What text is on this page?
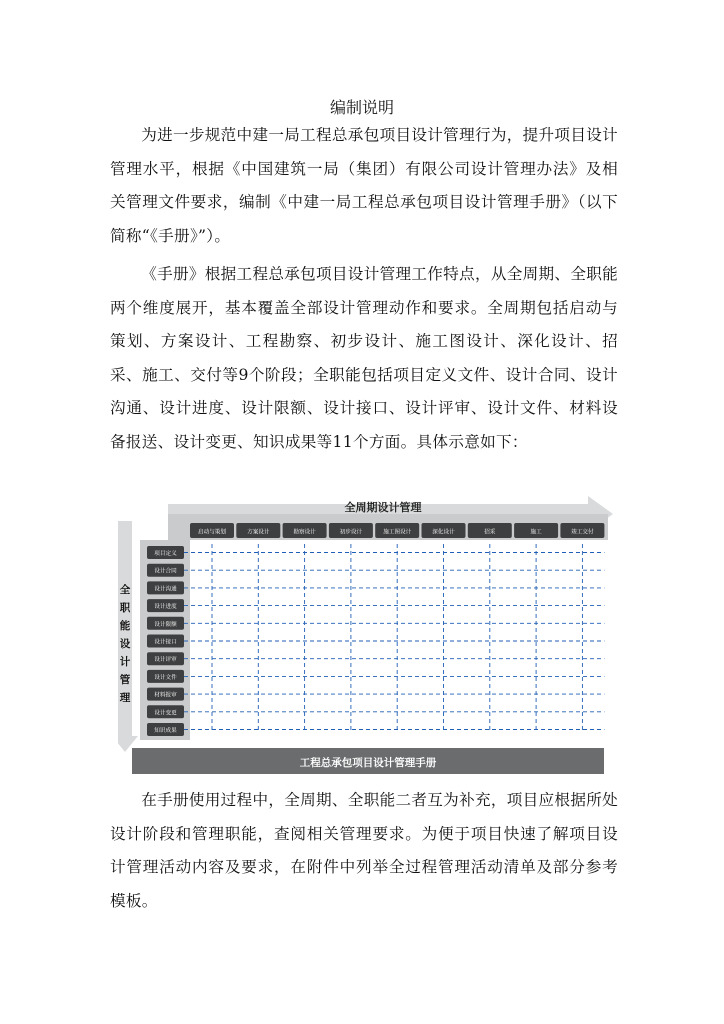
编制说明

为进一步规范中建一局工程总承包项目设计管理行为，提升项目设计管理水平，根据《中国建筑一局（集团）有限公司设计管理办法》及相关管理文件要求，编制《中建一局工程总承包项目设计管理手册》（以下简称“《手册》”）。

《手册》根据工程总承包项目设计管理工作特点，从全周期、全职能两个维度展开，基本覆盖全部设计管理动作和要求。全周期包括启动与策划、方案设计、工程勘察、初步设计、施工图设计、深化设计、招采、施工、交付等9个阶段；全职能包括项目定义文件、设计合同、设计沟通、设计进度、设计限额、设计接口、设计评审、设计文件、材料设备报送、设计变更、知识成果等11个方面。具体示意如下：

全周期设计管理
全
职
能
设
计
管
理
启动与策划	方案设计	勘察设计	初步设计	施工图设计	深化设计	招采	施工	竣工交付
项目定义
设计合同
设计沟通
设计进度
设计限额
设计接口
设计评审
设计文件
材料报审
设计变更
知识成果
工程总承包项目设计管理手册

在手册使用过程中，全周期、全职能二者互为补充，项目应根据所处设计阶段和管理职能，查阅相关管理要求。为便于项目快速了解项目设计管理活动内容及要求，在附件中列举全过程管理活动清单及部分参考模板。
